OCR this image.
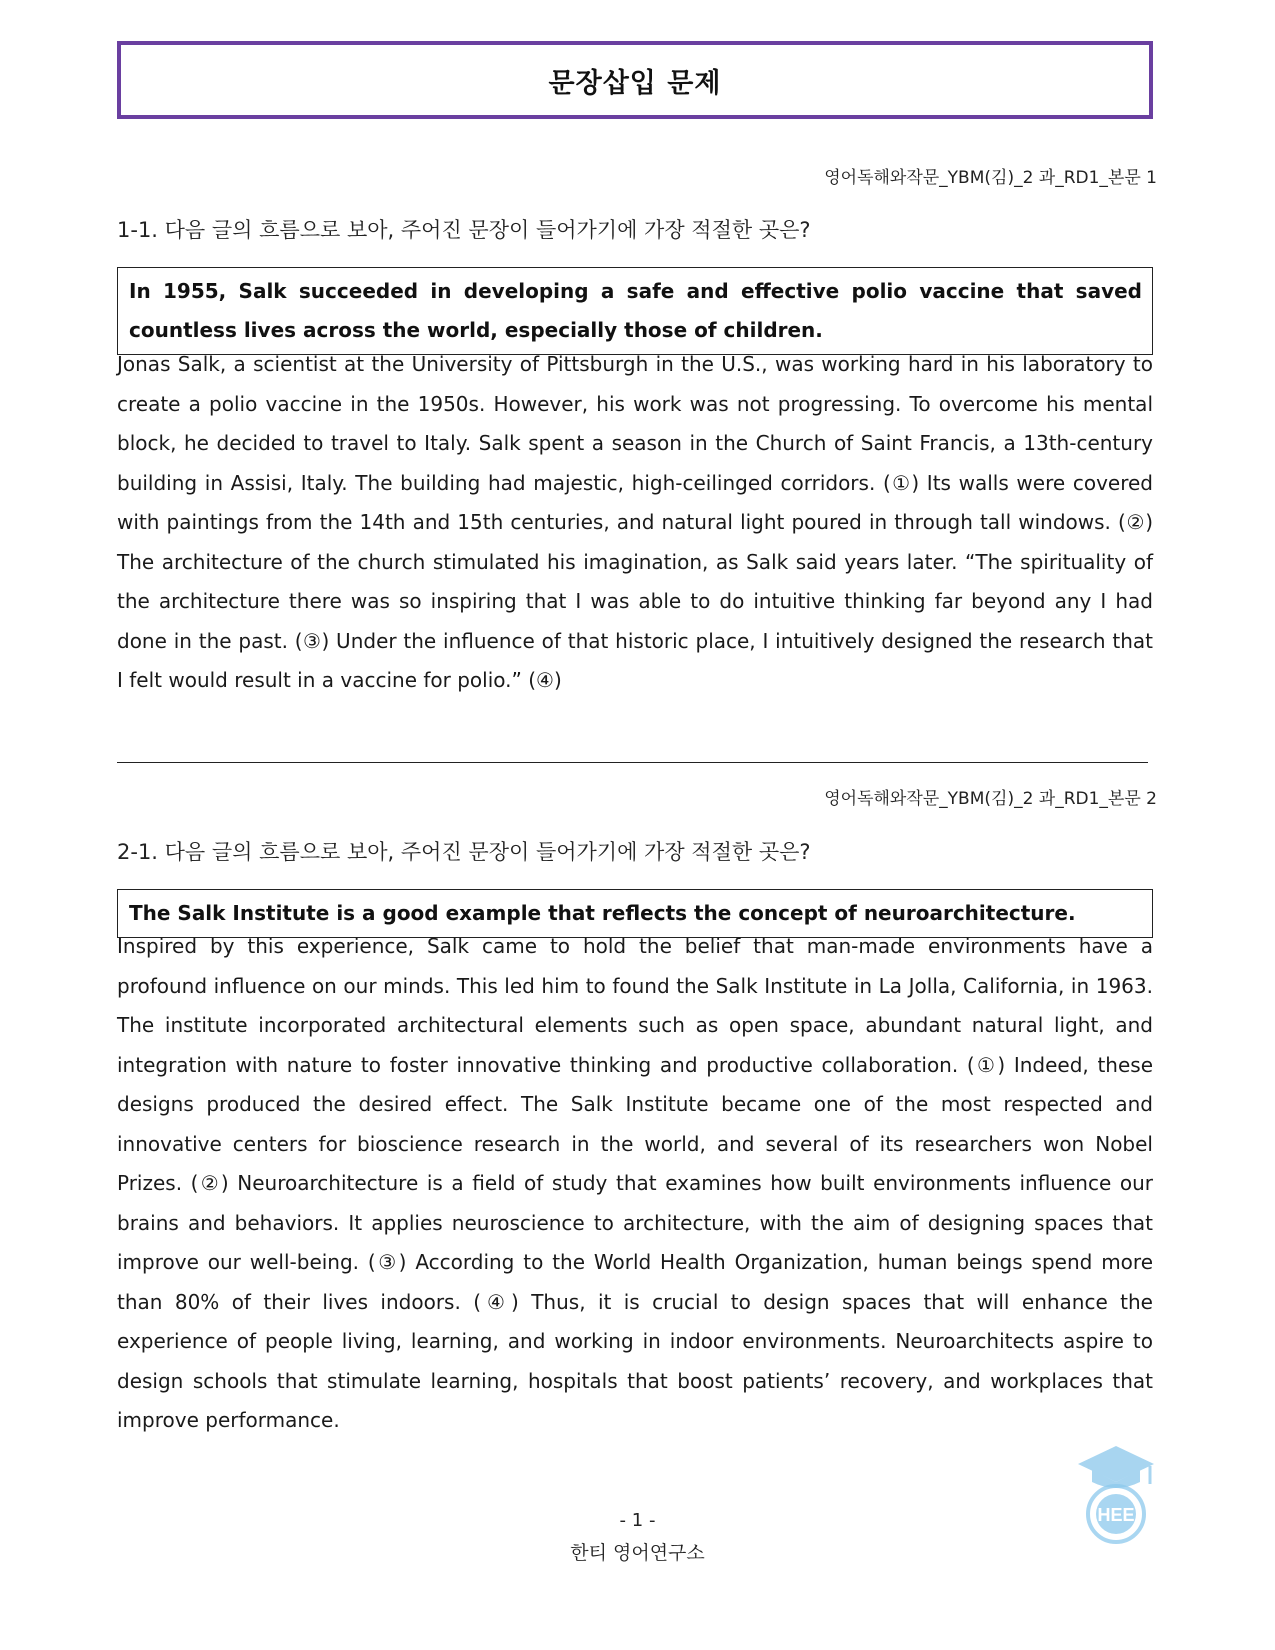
문장삽입 문제
영어독해와작문_YBM(김)_2 과_RD1_본문 1
1-1. 다음 글의 흐름으로 보아, 주어진 문장이 들어가기에 가장 적절한 곳은?
In 1955, Salk succeeded in developing a safe and effective polio vaccine that saved countless lives across the world, especially those of children.

Jonas Salk, a scientist at the University of Pittsburgh in the U.S., was working hard in his laboratory to create a polio vaccine in the 1950s. However, his work was not progressing. To overcome his mental block, he decided to travel to Italy. Salk spent a season in the Church of Saint Francis, a 13th-century building in Assisi, Italy. The building had majestic, high-ceilinged corridors. (①) Its walls were covered with paintings from the 14th and 15th centuries, and natural light poured in through tall windows. (②) The architecture of the church stimulated his imagination, as Salk said years later. “The spirituality of the architecture there was so inspiring that I was able to do intuitive thinking far beyond any I had done in the past. (③) Under the influence of that historic place, I intuitively designed the research that I felt would result in a vaccine for polio.” (④)

영어독해와작문_YBM(김)_2 과_RD1_본문 2
2-1. 다음 글의 흐름으로 보아, 주어진 문장이 들어가기에 가장 적절한 곳은?
The Salk Institute is a good example that reflects the concept of neuroarchitecture.

Inspired by this experience, Salk came to hold the belief that man-made environments have a profound influence on our minds. This led him to found the Salk Institute in La Jolla, California, in 1963. The institute incorporated architectural elements such as open space, abundant natural light, and integration with nature to foster innovative thinking and productive collaboration. (①) Indeed, these designs produced the desired effect. The Salk Institute became one of the most respected and innovative centers for bioscience research in the world, and several of its researchers won Nobel Prizes. (②) Neuroarchitecture is a field of study that examines how built environments influence our brains and behaviors. It applies neuroscience to architecture, with the aim of designing spaces that improve our well-being. (③) According to the World Health Organization, human beings spend more than 80% of their lives indoors. (④) Thus, it is crucial to design spaces that will enhance the experience of people living, learning, and working in indoor environments. Neuroarchitects aspire to design schools that stimulate learning, hospitals that boost patients’ recovery, and workplaces that improve performance.

HEE
- 1 -
한티 영어연구소
